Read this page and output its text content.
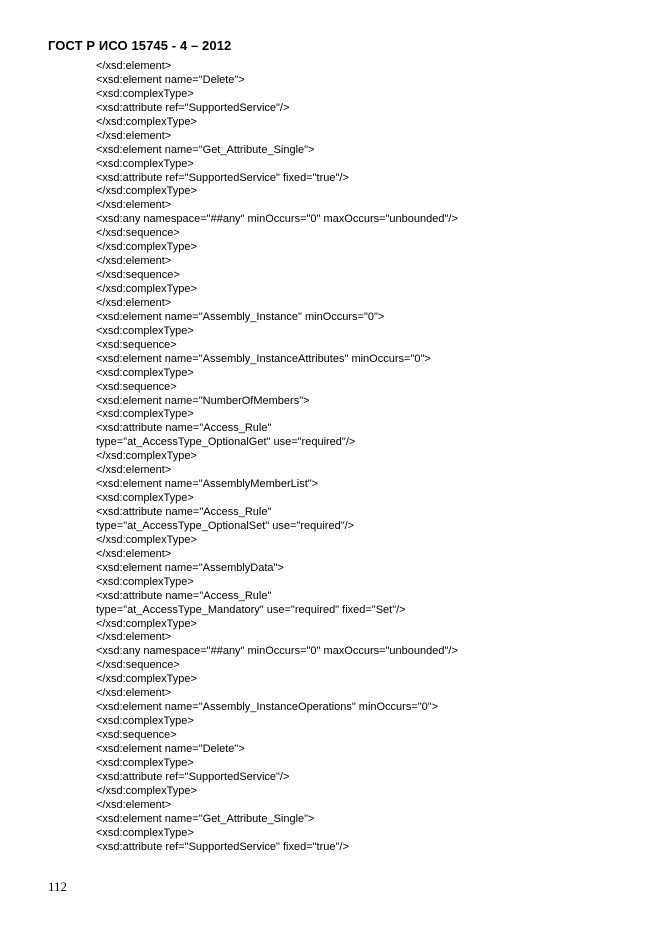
ГОСТ Р ИСО 15745 - 4 – 2012
</xsd:element>
<xsd:element name="Delete">
<xsd:complexType>
<xsd:attribute ref="SupportedService"/>
</xsd:complexType>
</xsd:element>
<xsd:element name="Get_Attribute_Single">
<xsd:complexType>
<xsd:attribute ref="SupportedService" fixed="true"/>
</xsd:complexType>
</xsd:element>
<xsd:any namespace="##any" minOccurs="0" maxOccurs="unbounded"/>
</xsd:sequence>
</xsd:complexType>
</xsd:element>
</xsd:sequence>
</xsd:complexType>
</xsd:element>
<xsd:element name="Assembly_Instance" minOccurs="0">
<xsd:complexType>
<xsd:sequence>
<xsd:element name="Assembly_InstanceAttributes" minOccurs="0">
<xsd:complexType>
<xsd:sequence>
<xsd:element name="NumberOfMembers">
<xsd:complexType>
<xsd:attribute name="Access_Rule"
type="at_AccessType_OptionalGet" use="required"/>
</xsd:complexType>
</xsd:element>
<xsd:element name="AssemblyMemberList">
<xsd:complexType>
<xsd:attribute name="Access_Rule"
type="at_AccessType_OptionalSet" use="required"/>
</xsd:complexType>
</xsd:element>
<xsd:element name="AssemblyData">
<xsd:complexType>
<xsd:attribute name="Access_Rule"
type="at_AccessType_Mandatory" use="required" fixed="Set"/>
</xsd:complexType>
</xsd:element>
<xsd:any namespace="##any" minOccurs="0" maxOccurs="unbounded"/>
</xsd:sequence>
</xsd:complexType>
</xsd:element>
<xsd:element name="Assembly_InstanceOperations" minOccurs="0">
<xsd:complexType>
<xsd:sequence>
<xsd:element name="Delete">
<xsd:complexType>
<xsd:attribute ref="SupportedService"/>
</xsd:complexType>
</xsd:element>
<xsd:element name="Get_Attribute_Single">
<xsd:complexType>
<xsd:attribute ref="SupportedService" fixed="true"/>
112
